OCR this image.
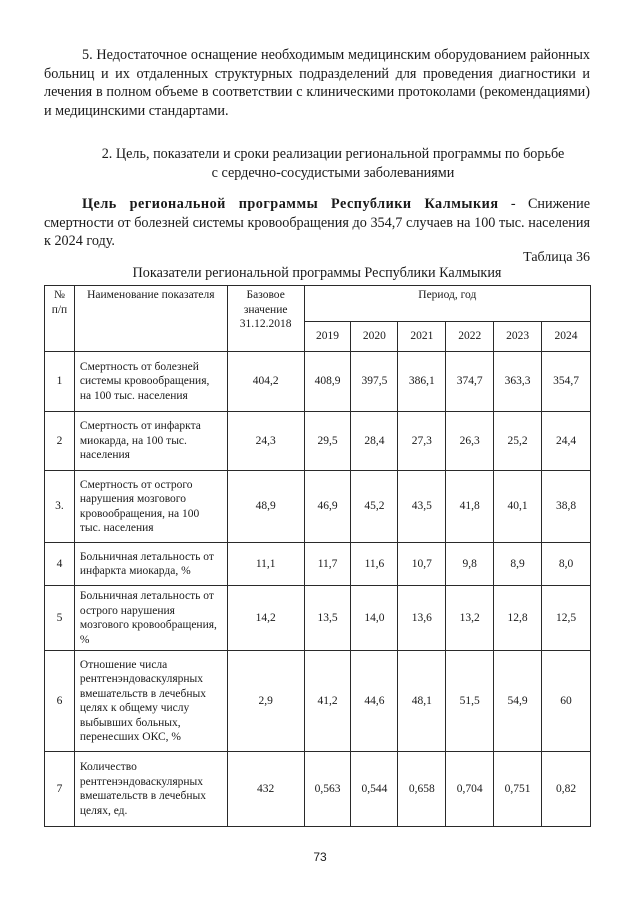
5. Недостаточное оснащение необходимым медицинским оборудованием районных больниц и их отдаленных структурных подразделений для проведения диагностики и лечения в полном объеме в соответствии с клиническими протоколами (рекомендациями) и медицинскими стандартами.
2. Цель, показатели и сроки реализации региональной программы по борьбе
с сердечно-сосудистыми заболеваниями
Цель региональной программы Республики Калмыкия - Снижение смертности от болезней системы кровообращения до 354,7 случаев на 100 тыс. населения к 2024 году.
Таблица 36
Показатели региональной программы Республики Калмыкия
№ п/п	Наименование показателя	Базовое значение 31.12.2018	Период, год					
			2019	2020	2021	2022	2023	2024
1	Смертность от болезней системы кровообращения, на 100 тыс. населения	404,2	408,9	397,5	386,1	374,7	363,3	354,7
2	Смертность от инфаркта миокарда, на 100 тыс. населения	24,3	29,5	28,4	27,3	26,3	25,2	24,4
3.	Смертность от острого нарушения мозгового кровообращения, на 100 тыс. населения	48,9	46,9	45,2	43,5	41,8	40,1	38,8
4	Больничная летальность от инфаркта миокарда, %	11,1	11,7	11,6	10,7	9,8	8,9	8,0
5	Больничная летальность от острого нарушения мозгового кровообращения, %	14,2	13,5	14,0	13,6	13,2	12,8	12,5
6	Отношение числа рентгенэндоваскулярных вмешательств в лечебных целях к общему числу выбывших больных, перенесших ОКС, %	2,9	41,2	44,6	48,1	51,5	54,9	60
7	Количество рентгенэндоваскулярных вмешательств в лечебных целях, ед.	432	0,563	0,544	0,658	0,704	0,751	0,82
73
